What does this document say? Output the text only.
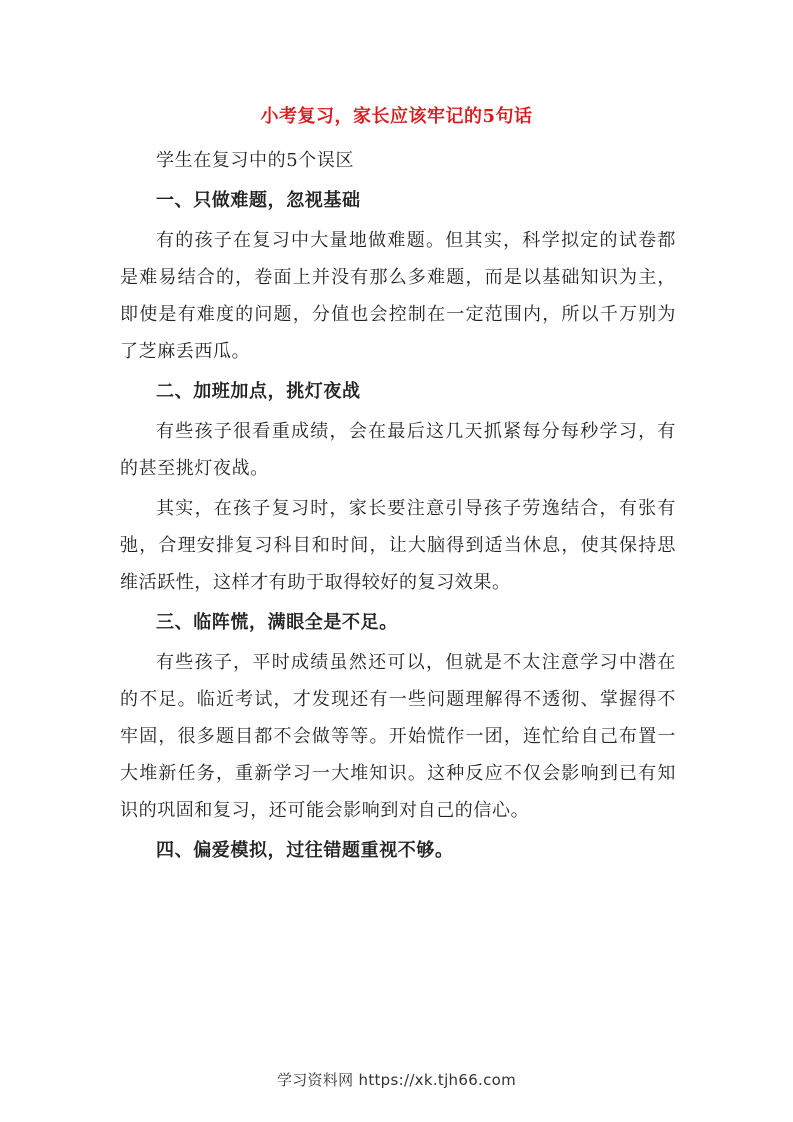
小考复习，家长应该牢记的5句话

学生在复习中的5个误区

一、只做难题，忽视基础

有的孩子在复习中大量地做难题。但其实，科学拟定的试卷都是难易结合的，卷面上并没有那么多难题，而是以基础知识为主，即使是有难度的问题，分值也会控制在一定范围内，所以千万别为了芝麻丢西瓜。

二、加班加点，挑灯夜战

有些孩子很看重成绩，会在最后这几天抓紧每分每秒学习，有的甚至挑灯夜战。

其实，在孩子复习时，家长要注意引导孩子劳逸结合，有张有弛，合理安排复习科目和时间，让大脑得到适当休息，使其保持思维活跃性，这样才有助于取得较好的复习效果。

三、临阵慌，满眼全是不足。

有些孩子，平时成绩虽然还可以，但就是不太注意学习中潜在的不足。临近考试，才发现还有一些问题理解得不透彻、掌握得不牢固，很多题目都不会做等等。开始慌作一团，连忙给自己布置一大堆新任务，重新学习一大堆知识。这种反应不仅会影响到已有知识的巩固和复习，还可能会影响到对自己的信心。

四、偏爱模拟，过往错题重视不够。

学习资料网 https://xk.tjh66.com
